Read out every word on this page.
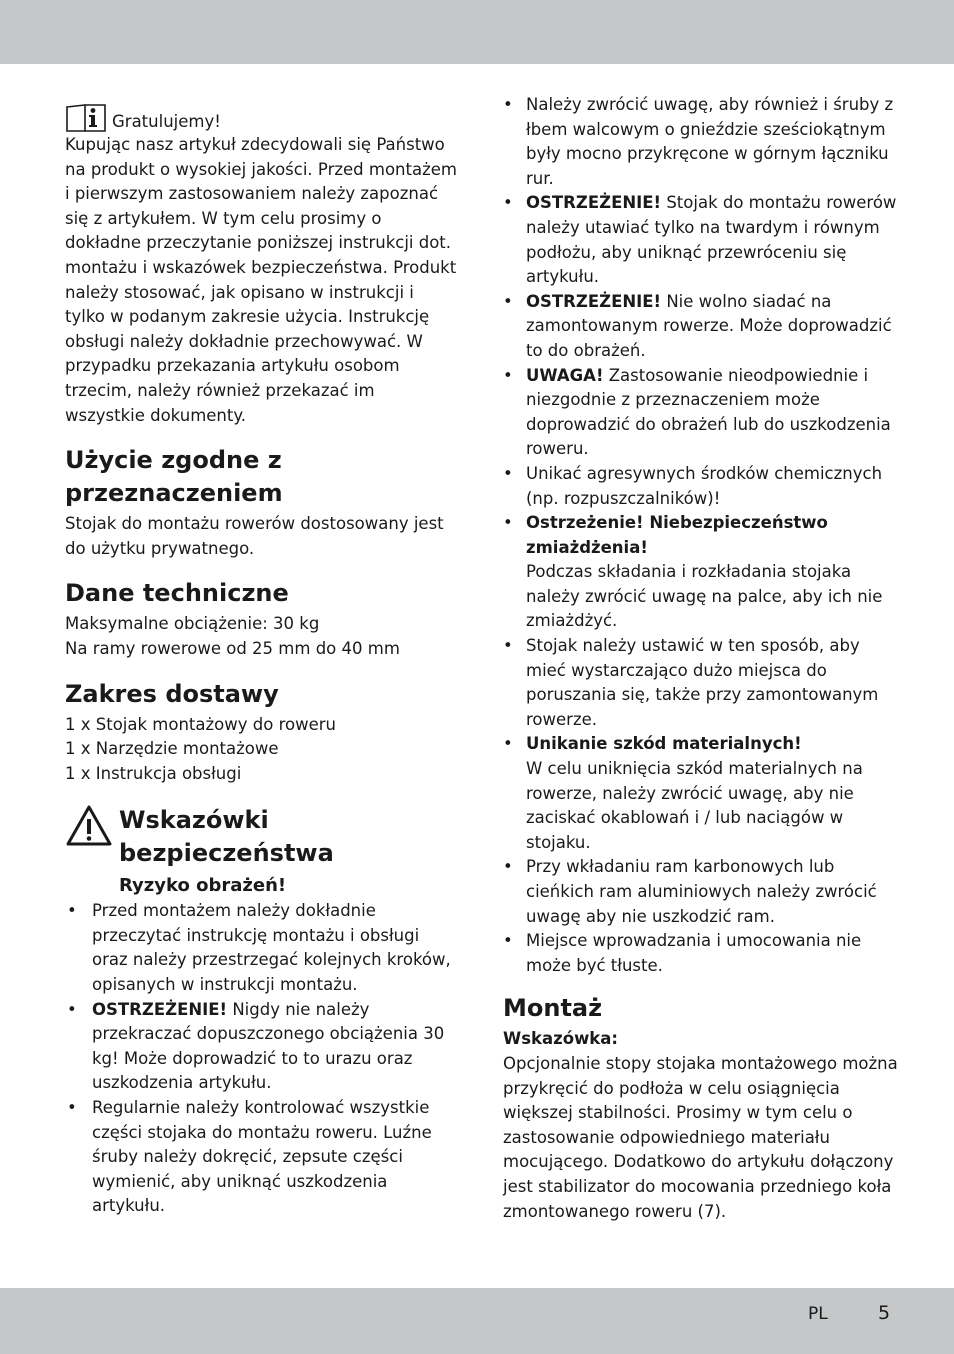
Gratulujemy!

Kupując nasz artykuł zdecydowali się Państwo na produkt o wysokiej jakości. Przed montażem i pierwszym zastosowaniem należy zapoznać się z artykułem. W tym celu prosimy o dokładne przeczytanie poniższej instrukcji dot. montażu i wskazówek bezpieczeństwa. Produkt należy stosować, jak opisano w instrukcji i tylko w podanym zakresie użycia. Instrukcję obsługi należy dokładnie przechowywać. W przypadku przekazania artykułu osobom trzecim, należy również przekazać im wszystkie dokumenty.

Użycie zgodne z przeznaczeniem

Stojak do montażu rowerów dostosowany jest do użytku prywatnego.

Dane techniczne

Maksymalne obciążenie: 30 kg

Na ramy rowerowe od 25 mm do 40 mm

Zakres dostawy

1 x Stojak montażowy do roweru

1 x Narzędzie montażowe

1 x Instrukcja obsługi

Wskazówki bezpieczeństwa
Ryzyko obrażeń!
• Przed montażem należy dokładnie przeczytać instrukcję montażu i obsługi oraz należy przestrzegać kolejnych kroków, opisanych w instrukcji montażu.
• OSTRZEŻENIE! Nigdy nie należy przekraczać dopuszczonego obciążenia 30 kg! Może doprowadzić to to urazu oraz uszkodzenia artykułu.
• Regularnie należy kontrolować wszystkie części stojaka do montażu roweru. Luźne śruby należy dokręcić, zepsute części wymienić, aby uniknąć uszkodzenia artykułu.
• Należy zwrócić uwagę, aby również i śruby z łbem walcowym o gnieździe sześciokątnym były mocno przykręcone w górnym łączniku rur.
• OSTRZEŻENIE! Stojak do montażu rowerów należy utawiać tylko na twardym i równym podłożu, aby uniknąć przewróceniu się artykułu.
• OSTRZEŻENIE! Nie wolno siadać na zamontowanym rowerze. Może doprowadzić to do obrażeń.
• UWAGA! Zastosowanie nieodpowiednie i niezgodnie z przeznaczeniem może doprowadzić do obrażeń lub do uszkodzenia roweru.
• Unikać agresywnych środków chemicznych (np. rozpuszczalników)!
• Ostrzeżenie! Niebezpieczeństwo zmiażdżenia!
Podczas składania i rozkładania stojaka należy zwrócić uwagę na palce, aby ich nie zmiażdżyć.
• Stojak należy ustawić w ten sposób, aby mieć wystarczająco dużo miejsca do poruszania się, także przy zamontowanym rowerze.
• Unikanie szkód materialnych!
W celu uniknięcia szkód materialnych na rowerze, należy zwrócić uwagę, aby nie zaciskać okablowań i / lub naciągów w stojaku.
• Przy wkładaniu ram karbonowych lub cieńkich ram aluminiowych należy zwrócić uwagę aby nie uszkodzić ram.
• Miejsce wprowadzania i umocowania nie może być tłuste.
Montaż
Wskazówka:

Opcjonalnie stopy stojaka montażowego można przykręcić do podłoża w celu osiągnięcia większej stabilności. Prosimy w tym celu o zastosowanie odpowiedniego materiału mocującego. Dodatkowo do artykułu dołączony jest stabilizator do mocowania przedniego koła zmontowanego roweru (7).

PL	5
